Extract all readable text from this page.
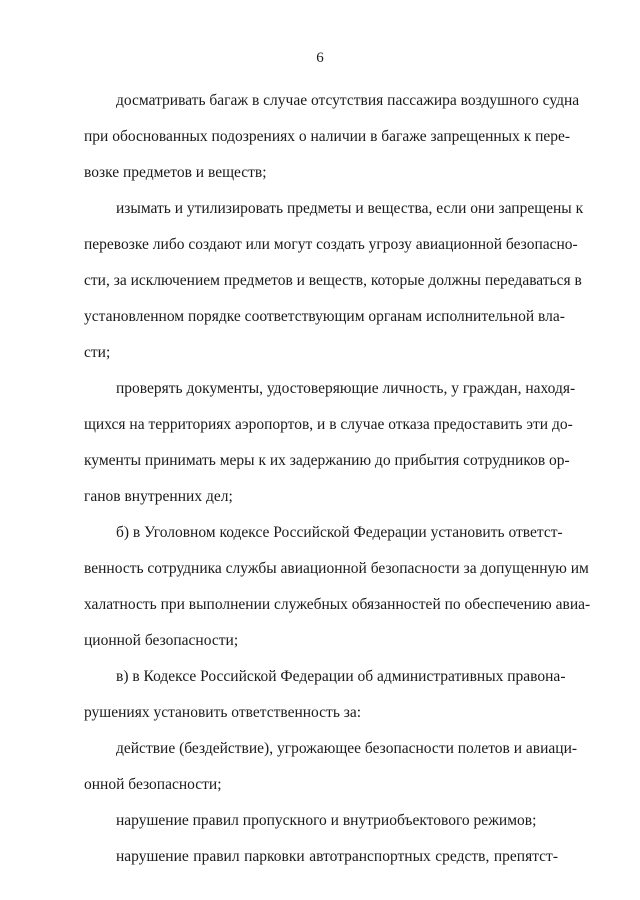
6
досматривать багаж в случае отсутствия пассажира воздушного судна
при обоснованных подозрениях о наличии в багаже запрещенных к пере-
возке предметов и веществ;
изымать и утилизировать предметы и вещества, если они запрещены к
перевозке либо создают или могут создать угрозу авиационной безопасно-
сти, за исключением предметов и веществ, которые должны передаваться в
установленном порядке соответствующим органам исполнительной вла-
сти;
проверять документы, удостоверяющие личность, у граждан, находя-
щихся на территориях аэропортов, и в случае отказа предоставить эти до-
кументы принимать меры к их задержанию до прибытия сотрудников ор-
ганов внутренних дел;
б) в Уголовном кодексе Российской Федерации установить ответст-
венность сотрудника службы авиационной безопасности за допущенную им
халатность при выполнении служебных обязанностей по обеспечению авиа-
ционной безопасности;
в) в Кодексе Российской Федерации об административных правона-
рушениях установить ответственность за:
действие (бездействие), угрожающее безопасности полетов и авиаци-
онной безопасности;
нарушение правил пропускного и внутриобъектового режимов;
нарушение правил парковки автотранспортных средств, препятст-
